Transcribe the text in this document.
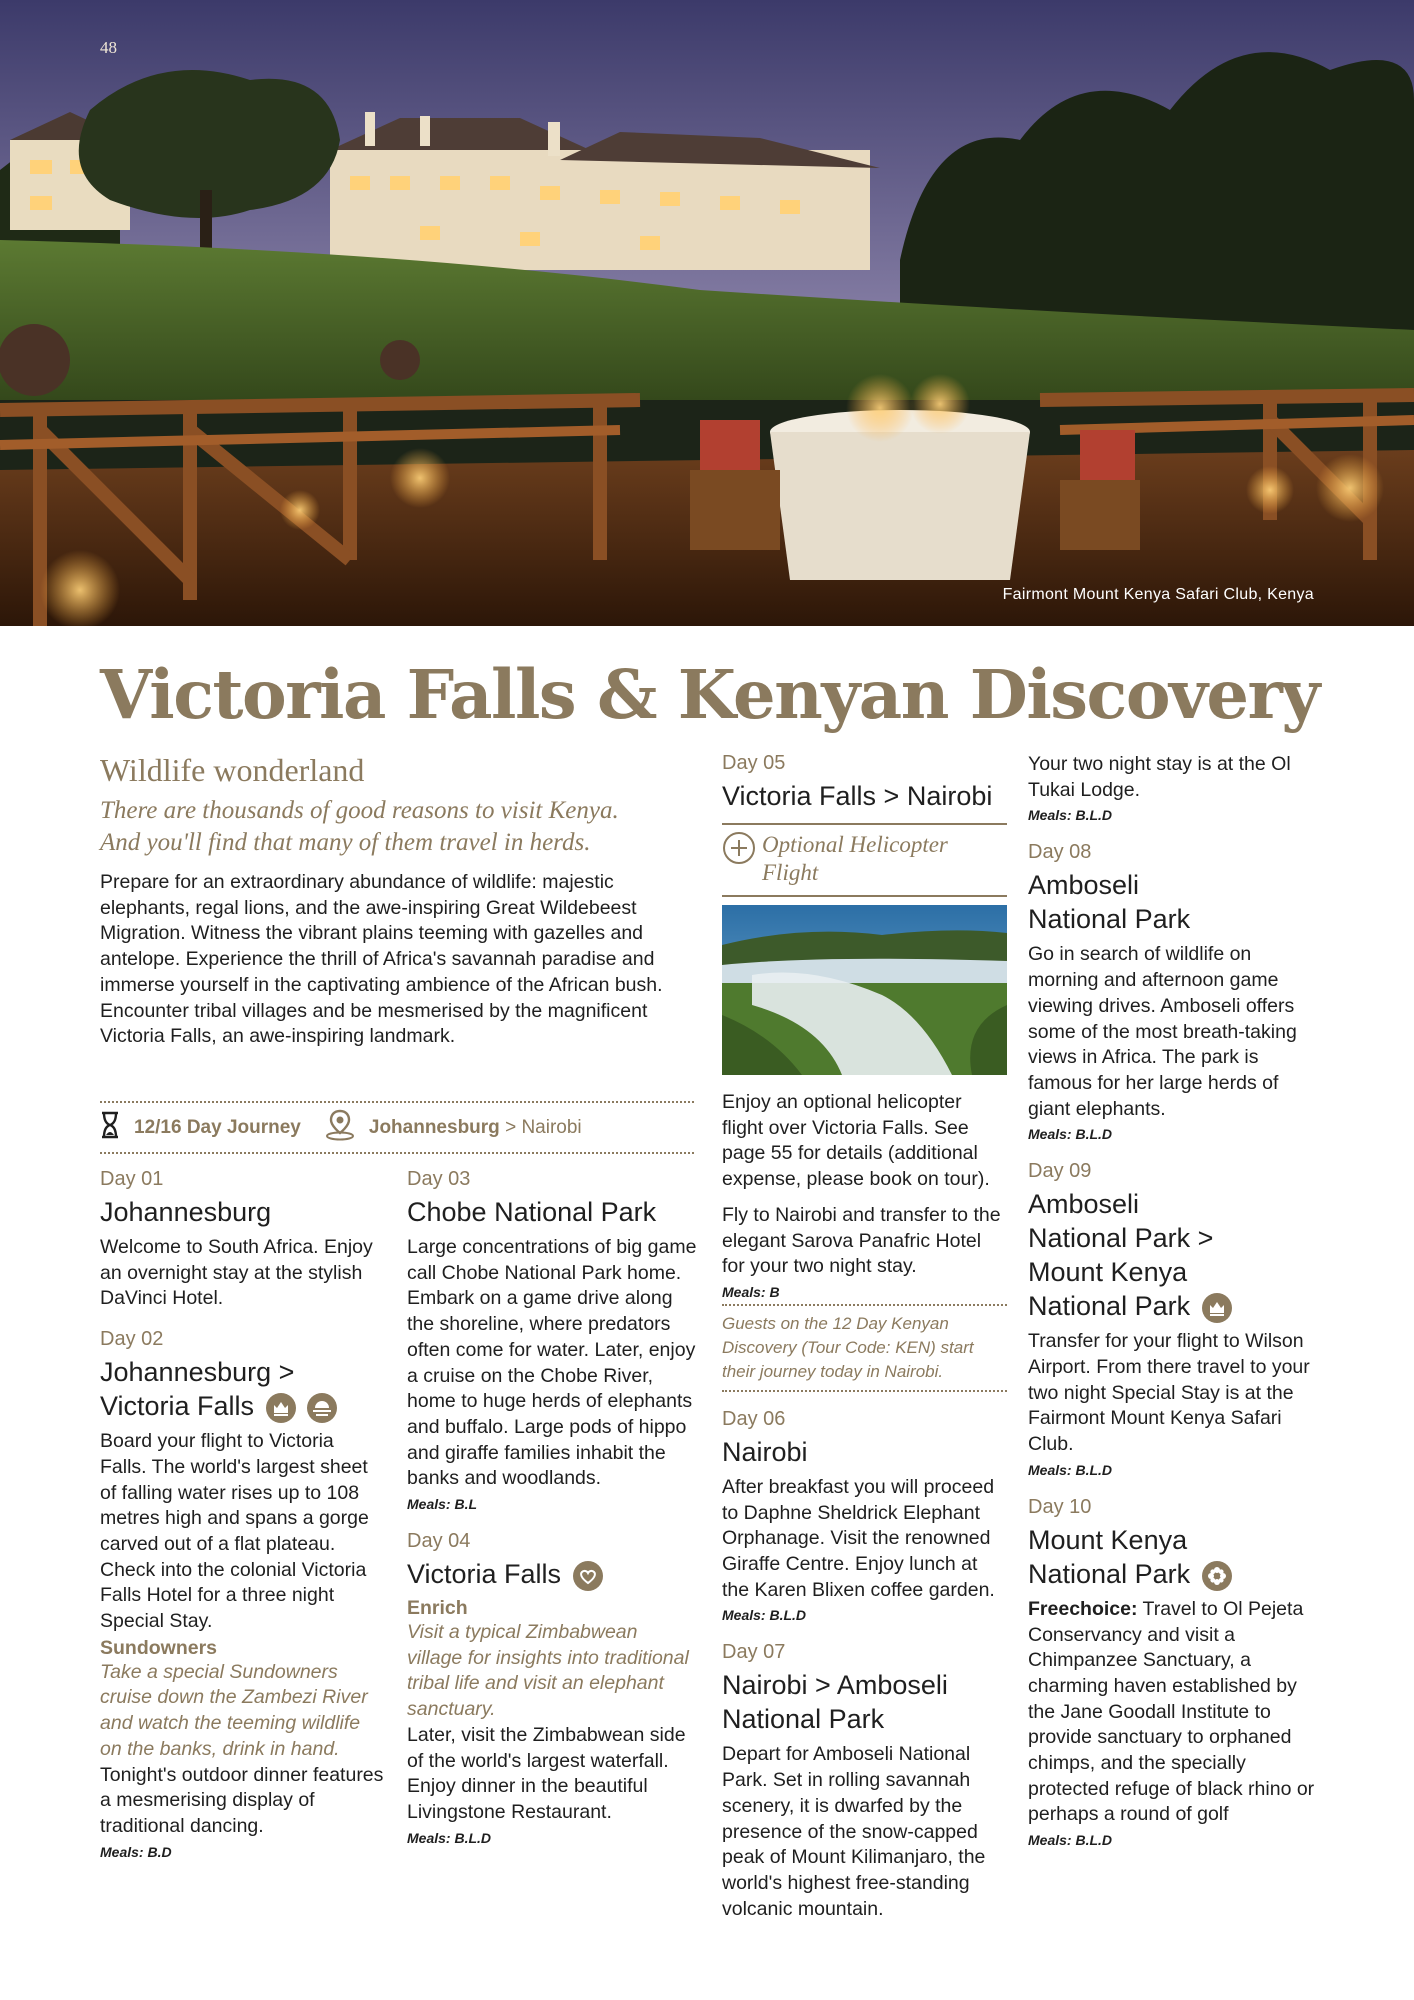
48
Fairmont Mount Kenya Safari Club, Kenya
Victoria Falls & Kenyan Discovery
Wildlife wonderland
There are thousands of good reasons to visit Kenya.
And you'll find that many of them travel in herds.
Prepare for an extraordinary abundance of wildlife: majestic elephants, regal lions, and the awe-inspiring Great Wildebeest Migration. Witness the vibrant plains teeming with gazelles and antelope. Experience the thrill of Africa's savannah paradise and immerse yourself in the captivating ambience of the African bush. Encounter tribal villages and be mesmerised by the magnificent Victoria Falls, an awe-inspiring landmark.
12/16 Day Journey	Johannesburg > Nairobi
Day 01
Johannesburg
Welcome to South Africa. Enjoy an overnight stay at the stylish DaVinci Hotel.
Day 02
Johannesburg >
Victoria Falls
Board your flight to Victoria Falls. The world's largest sheet of falling water rises up to 108 metres high and spans a gorge carved out of a flat plateau. Check into the colonial Victoria Falls Hotel for a three night Special Stay.
Sundowners
Take a special Sundowners cruise down the Zambezi River and watch the teeming wildlife on the banks, drink in hand.
Tonight's outdoor dinner features a mesmerising display of traditional dancing.
Meals: B.D
Day 03
Chobe National Park
Large concentrations of big game call Chobe National Park home. Embark on a game drive along the shoreline, where predators often come for water. Later, enjoy a cruise on the Chobe River, home to huge herds of elephants and buffalo. Large pods of hippo and giraffe families inhabit the banks and woodlands.
Meals: B.L
Day 04
Victoria Falls
Enrich
Visit a typical Zimbabwean village for insights into traditional tribal life and visit an elephant sanctuary.
Later, visit the Zimbabwean side of the world's largest waterfall. Enjoy dinner in the beautiful Livingstone Restaurant.
Meals: B.L.D
Day 05
Victoria Falls > Nairobi
Optional Helicopter
Flight
Enjoy an optional helicopter flight over Victoria Falls. See page 55 for details (additional expense, please book on tour).
Fly to Nairobi and transfer to the elegant Sarova Panafric Hotel for your two night stay.
Meals: B
Guests on the 12 Day Kenyan Discovery (Tour Code: KEN) start their journey today in Nairobi.
Day 06
Nairobi
After breakfast you will proceed to Daphne Sheldrick Elephant Orphanage. Visit the renowned Giraffe Centre. Enjoy lunch at the Karen Blixen coffee garden.
Meals: B.L.D
Day 07
Nairobi > Amboseli
National Park
Depart for Amboseli National Park. Set in rolling savannah scenery, it is dwarfed by the presence of the snow-capped peak of Mount Kilimanjaro, the world's highest free-standing volcanic mountain.
Your two night stay is at the Ol Tukai Lodge.
Meals: B.L.D
Day 08
Amboseli
National Park
Go in search of wildlife on morning and afternoon game viewing drives. Amboseli offers some of the most breath-taking views in Africa. The park is famous for her large herds of giant elephants.
Meals: B.L.D
Day 09
Amboseli
National Park >
Mount Kenya
National Park
Transfer for your flight to Wilson Airport. From there travel to your two night Special Stay is at the Fairmont Mount Kenya Safari Club.
Meals: B.L.D
Day 10
Mount Kenya
National Park
Freechoice: Travel to Ol Pejeta Conservancy and visit a Chimpanzee Sanctuary, a charming haven established by the Jane Goodall Institute to provide sanctuary to orphaned chimps, and the specially protected refuge of black rhino or perhaps a round of golf
Meals: B.L.D
